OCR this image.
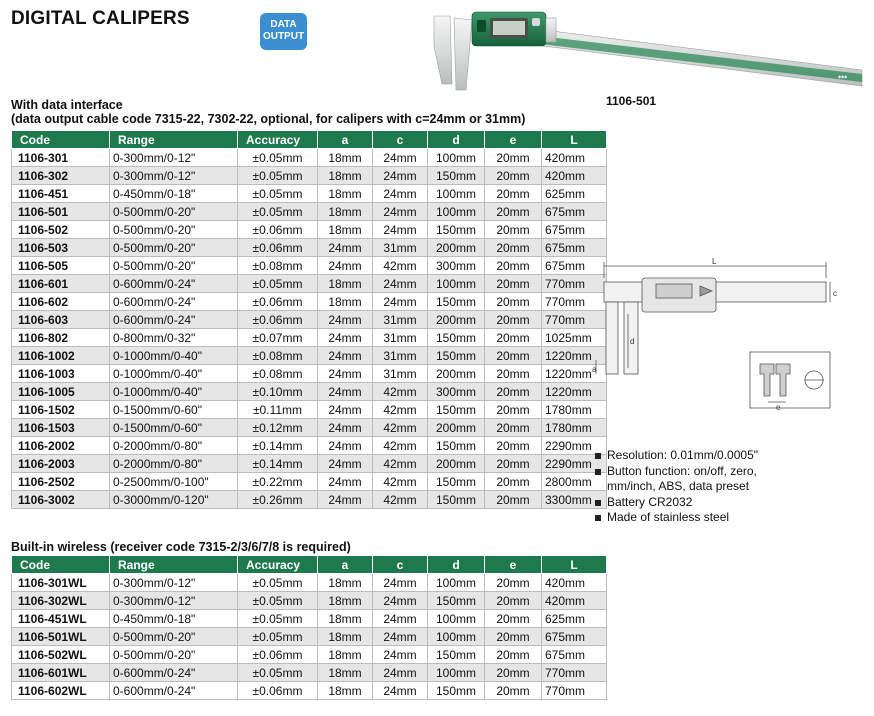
DIGITAL CALIPERS	DATA
OUTPUT
◆◆◆
1106-501
With data interface
(data output cable code 7315-22, 7302-22, optional, for calipers with c=24mm or 31mm)
Code	Range	Accuracy	a	c	d	e	L
1106-301	0-300mm/0-12"	±0.05mm	18mm	24mm	100mm	20mm	420mm
1106-302	0-300mm/0-12"	±0.05mm	18mm	24mm	150mm	20mm	420mm
1106-451	0-450mm/0-18"	±0.05mm	18mm	24mm	100mm	20mm	625mm
1106-501	0-500mm/0-20"	±0.05mm	18mm	24mm	100mm	20mm	675mm
1106-502	0-500mm/0-20"	±0.06mm	18mm	24mm	150mm	20mm	675mm
1106-503	0-500mm/0-20"	±0.06mm	24mm	31mm	200mm	20mm	675mm
1106-505	0-500mm/0-20"	±0.08mm	24mm	42mm	300mm	20mm	675mm
1106-601	0-600mm/0-24"	±0.05mm	18mm	24mm	100mm	20mm	770mm
1106-602	0-600mm/0-24"	±0.06mm	18mm	24mm	150mm	20mm	770mm
1106-603	0-600mm/0-24"	±0.06mm	24mm	31mm	200mm	20mm	770mm
1106-802	0-800mm/0-32"	±0.07mm	24mm	31mm	150mm	20mm	1025mm
1106-1002	0-1000mm/0-40"	±0.08mm	24mm	31mm	150mm	20mm	1220mm
1106-1003	0-1000mm/0-40"	±0.08mm	24mm	31mm	200mm	20mm	1220mm
1106-1005	0-1000mm/0-40"	±0.10mm	24mm	42mm	300mm	20mm	1220mm
1106-1502	0-1500mm/0-60"	±0.11mm	24mm	42mm	150mm	20mm	1780mm
1106-1503	0-1500mm/0-60"	±0.12mm	24mm	42mm	200mm	20mm	1780mm
1106-2002	0-2000mm/0-80"	±0.14mm	24mm	42mm	150mm	20mm	2290mm
1106-2003	0-2000mm/0-80"	±0.14mm	24mm	42mm	200mm	20mm	2290mm
1106-2502	0-2500mm/0-100"	±0.22mm	24mm	42mm	150mm	20mm	2800mm
1106-3002	0-3000mm/0-120"	±0.26mm	24mm	42mm	150mm	20mm	3300mm
Built-in wireless (receiver code 7315-2/3/6/7/8 is required)
Code	Range	Accuracy	a	c	d	e	L
1106-301WL	0-300mm/0-12"	±0.05mm	18mm	24mm	100mm	20mm	420mm
1106-302WL	0-300mm/0-12"	±0.05mm	18mm	24mm	150mm	20mm	420mm
1106-451WL	0-450mm/0-18"	±0.05mm	18mm	24mm	100mm	20mm	625mm
1106-501WL	0-500mm/0-20"	±0.05mm	18mm	24mm	100mm	20mm	675mm
1106-502WL	0-500mm/0-20"	±0.06mm	18mm	24mm	150mm	20mm	675mm
1106-601WL	0-600mm/0-24"	±0.05mm	18mm	24mm	100mm	20mm	770mm
1106-602WL	0-600mm/0-24"	±0.06mm	18mm	24mm	150mm	20mm	770mm
L
d
a
c
e
Resolution: 0.01mm/0.0005"
Button function: on/off, zero,
mm/inch, ABS, data preset
Battery CR2032
Made of stainless steel
